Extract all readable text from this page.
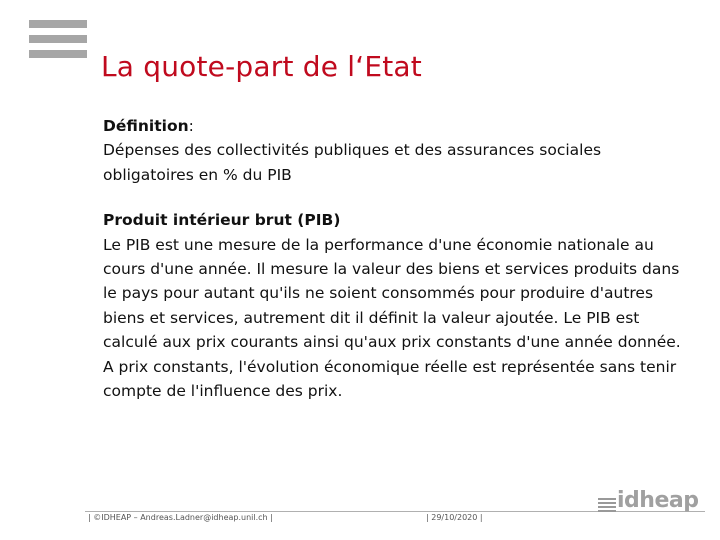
La quote-part de l‘Etat
Définition:

Dépenses des collectivités publiques et des assurances sociales

obligatoires en % du PIB

Produit intérieur brut (PIB)

Le PIB est une mesure de la performance d'une économie nationale au cours d'une année. Il mesure la valeur des biens et services produits dans le pays pour autant qu'ils ne soient consommés pour produire d'autres biens et services, autrement dit il définit la valeur ajoutée. Le PIB est calculé aux prix courants ainsi qu'aux prix constants d'une année donnée. A prix constants, l'évolution économique réelle est représentée sans tenir compte de l'influence des prix.

| ©IDHEAP – Andreas.Ladner@idheap.unil.ch |	| 29/10/2020 |
idheap
